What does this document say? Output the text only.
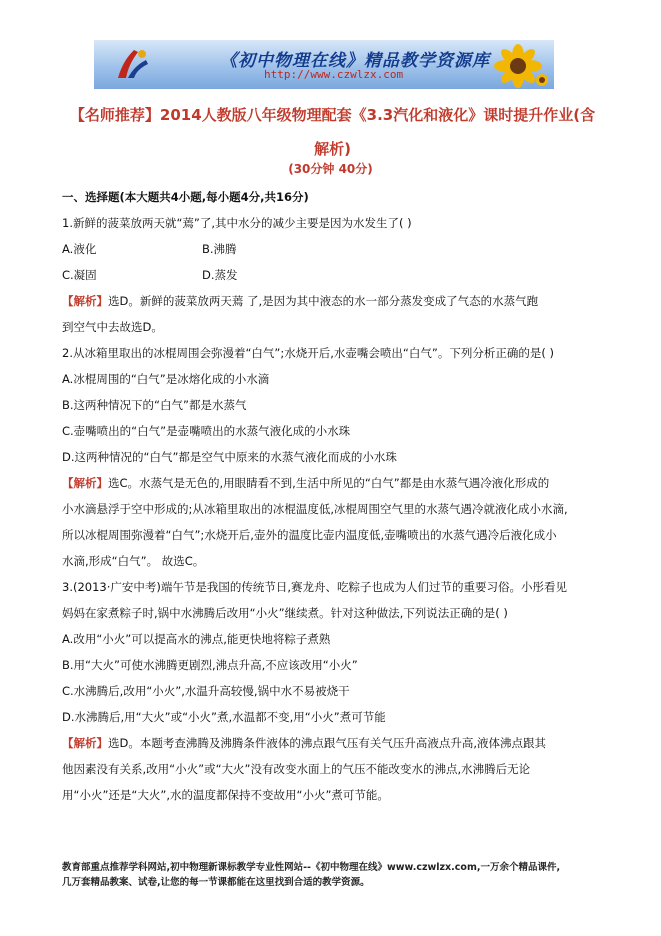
《初中物理在线》精品教学资源库
http://www.czwlzx.com
【名师推荐】2014人教版八年级物理配套《3.3汽化和液化》课时提升作业(含
解析)
(30分钟 40分)
一、选择题(本大题共4小题,每小题4分,共16分)
1.新鲜的菠菜放两天就“蔫”了,其中水分的减少主要是因为水发生了( )
A.液化	B.沸腾
C.凝固	D.蒸发
【解析】选D。新鲜的菠菜放两天蔫 了,是因为其中液态的水一部分蒸发变成了气态的水蒸气跑
到空气中去故选D。
2.从冰箱里取出的冰棍周围会弥漫着“白气”;水烧开后,水壶嘴会喷出“白气”。下列分析正确的是( )
A.冰棍周围的“白气”是冰熔化成的小水滴
B.这两种情况下的“白气”都是水蒸气
C.壶嘴喷出的“白气”是壶嘴喷出的水蒸气液化成的小水珠
D.这两种情况的“白气”都是空气中原来的水蒸气液化而成的小水珠
【解析】选C。水蒸气是无色的,用眼睛看不到,生活中所见的“白气”都是由水蒸气遇冷液化形成的
小水滴悬浮于空中形成的;从冰箱里取出的冰棍温度低,冰棍周围空气里的水蒸气遇冷就液化成小水滴,
所以冰棍周围弥漫着“白气”;水烧开后,壶外的温度比壶内温度低,壶嘴喷出的水蒸气遇冷后液化成小
水滴,形成“白气”。 故选C。
3.(2013·广安中考)端午节是我国的传统节日,赛龙舟、吃粽子也成为人们过节的重要习俗。小彤看见
妈妈在家煮粽子时,锅中水沸腾后改用“小火”继续煮。针对这种做法,下列说法正确的是( )
A.改用“小火”可以提高水的沸点,能更快地将粽子煮熟
B.用“大火”可使水沸腾更剧烈,沸点升高,不应该改用“小火”
C.水沸腾后,改用“小火”,水温升高较慢,锅中水不易被烧干
D.水沸腾后,用“大火”或“小火”煮,水温都不变,用“小火”煮可节能
【解析】选D。本题考查沸腾及沸腾条件液体的沸点跟气压有关气压升高液点升高,液体沸点跟其
他因素没有关系,改用“小火”或“大火”没有改变水面上的气压不能改变水的沸点,水沸腾后无论
用“小火”还是“大火”,水的温度都保持不变故用“小火”煮可节能。
教育部重点推荐学科网站,初中物理新课标教学专业性网站--《初中物理在线》www.czwlzx.com,一万余个精品课件,
几万套精品教案、试卷,让您的每一节课都能在这里找到合适的教学资源。
